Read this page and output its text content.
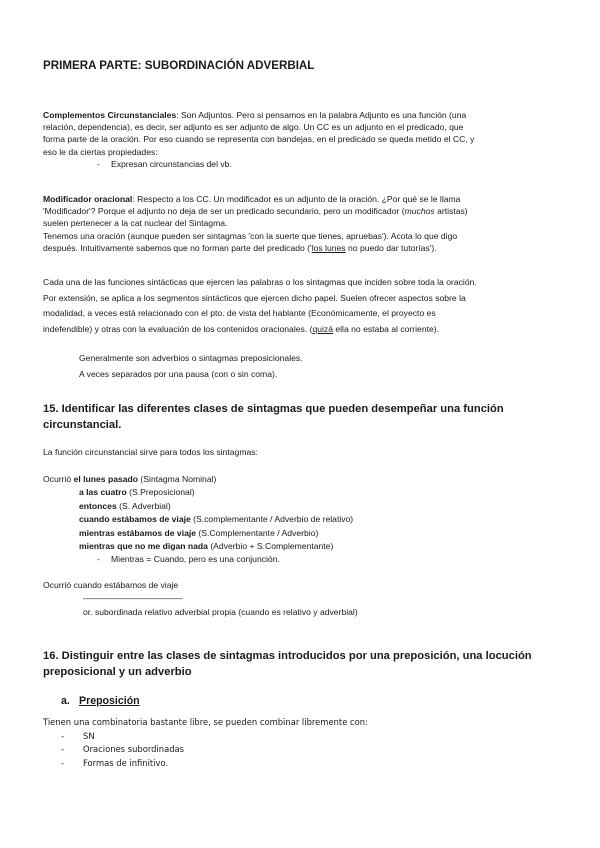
PRIMERA PARTE: SUBORDINACIÓN ADVERBIAL
Complementos Circunstanciales: Son Adjuntos. Pero si pensamos en la palabra Adjunto es una función (una
relación, dependencia), es decir, ser adjunto es ser adjunto de algo. Un CC es un adjunto en el predicado, que
forma parte de la oración. Por eso cuando se representa con bandejas, en el predicado se queda metido el CC, y
eso le da ciertas propiedades:
- Expresan circunstancias del vb.
Modificador oracional: Respecto a los CC. Un modificador es un adjunto de la oración. ¿Por qué se le llama
'Modificador'? Porque el adjunto no deja de ser un predicado secundario, pero un modificador (muchos artistas)
suelen pertenecer a la cat nuclear del Sintagma.
Tenemos una oración (aunque pueden ser sintagmas 'con la suerte que tienes, apruebas'). Acota lo que digo
después. Intuitivamente sabemos que no forman parte del predicado ('los lunes no puedo dar tutorías').
Cada una de las funciones sintácticas que ejercen las palabras o los sintagmas que inciden sobre toda la oración.
Por extensión, se aplica a los segmentos sintácticos que ejercen dicho papel. Suelen ofrecer aspectos sobre la
modalidad, a veces está relacionado con el pto. de vista del hablante (Económicamente, el proyecto es
indefendible) y otras con la evaluación de los contenidos oracionales. (quizá ella no estaba al corriente).
Generalmente son adverbios o sintagmas preposicionales.
A veces separados por una pausa (con o sin coma).
15. Identificar las diferentes clases de sintagmas que pueden desempeñar una función
circunstancial.
La función circunstancial sirve para todos los sintagmas:
Ocurrió el lunes pasado (Sintagma Nominal)
a las cuatro (S.Preposicional)
entonces (S. Adverbial)
cuando estábamos de viaje (S.complementante / Adverbio de relativo)
mientras estábamos de viaje (S.Complementante / Adverbio)
mientras que no me digan nada (Adverbio + S.Complementante)
- Mientras = Cuando, pero es una conjunción.
Ocurrió cuando estábamos de viaje
—————————————
or. subordinada relativo adverbial propia (cuando es relativo y adverbial)
16. Distinguir entre las clases de sintagmas introducidos por una preposición, una locución
preposicional y un adverbio
a. Preposición
Tienen una combinatoria bastante libre, se pueden combinar libremente con:
- SN
- Oraciones subordinadas
- Formas de infinitivo.
